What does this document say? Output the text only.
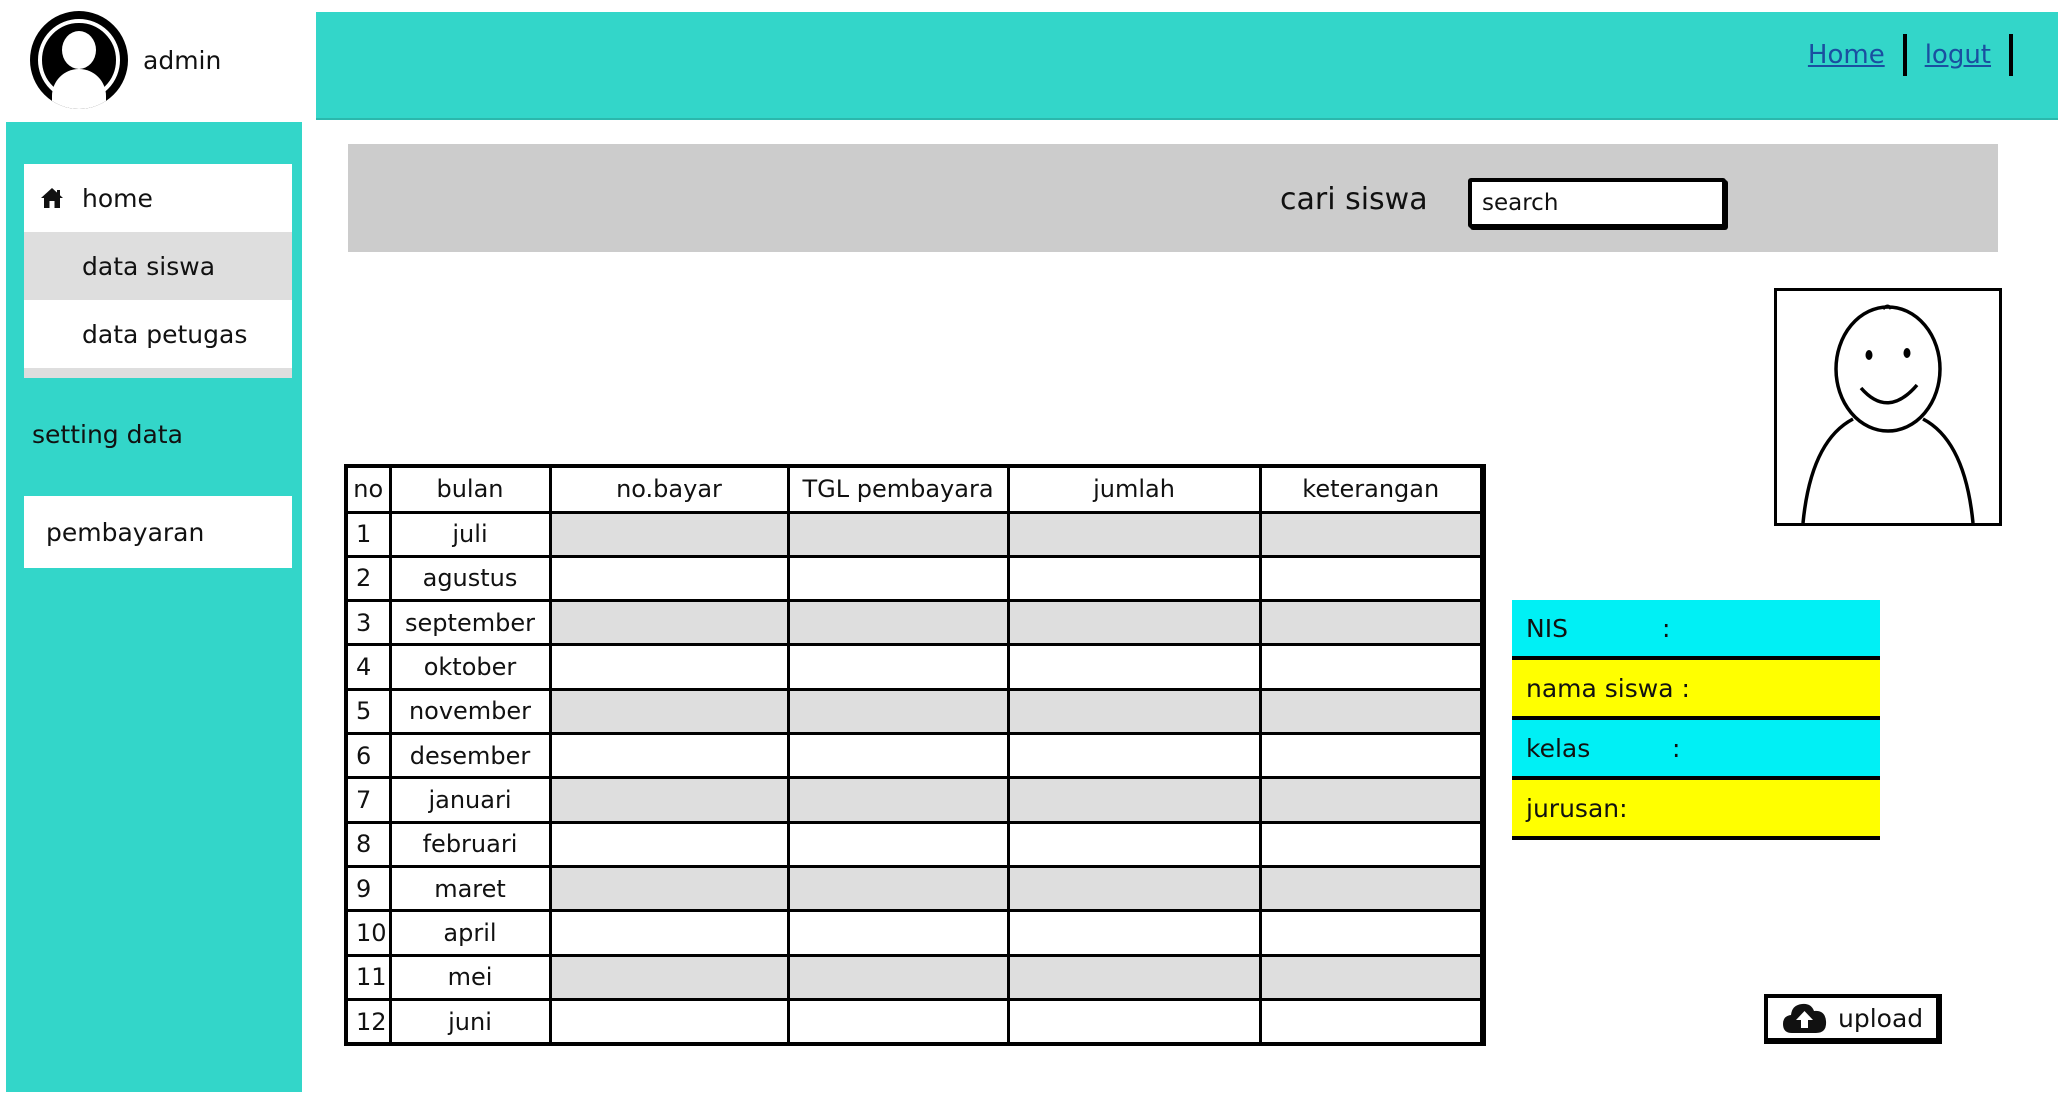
admin	Home logut
home
data siswa
data petugas
setting data
pembayaran
cari siswa
search
no	bulan	no.bayar	TGL pembayara	jumlah	keterangan
1	juli				
2	agustus				
3	september				
4	oktober				
5	november				
6	desember				
7	januari				
8	februari				
9	maret				
10	april				
11	mei				
12	juni				
NIS	:
nama siswa :
kelas	:
jurusan:
upload
